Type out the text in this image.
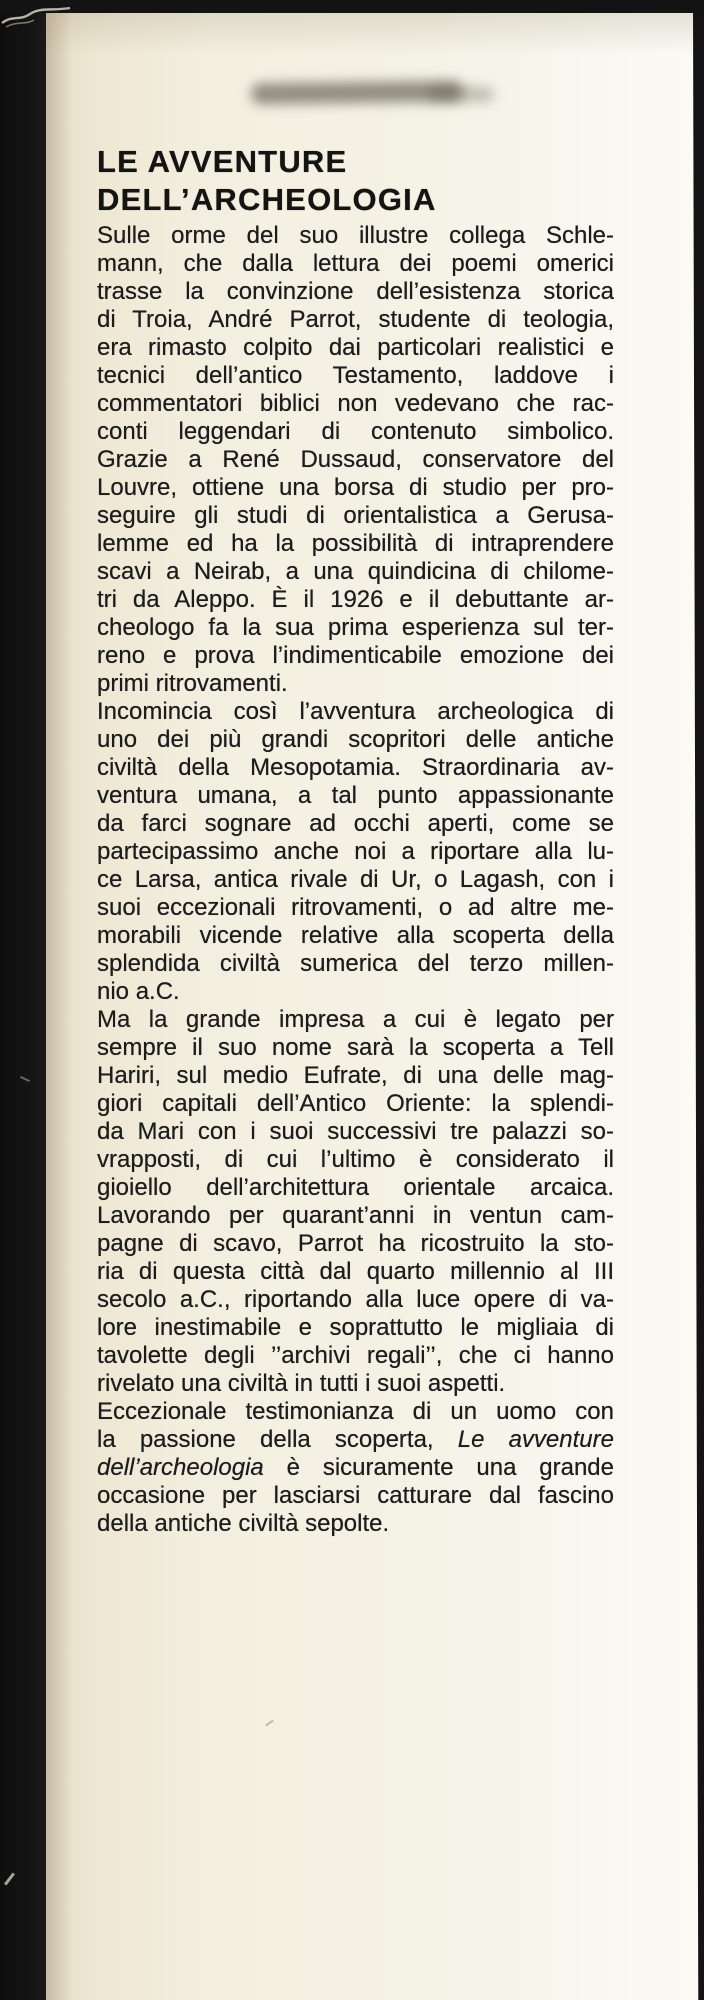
LE AVVENTURE
DELL’ARCHEOLOGIA
Sulle orme del suo illustre collega Schle-
mann, che dalla lettura dei poemi omerici
trasse la convinzione dell’esistenza storica
di Troia, André Parrot, studente di teologia,
era rimasto colpito dai particolari realistici e
tecnici dell’antico Testamento, laddove i
commentatori biblici non vedevano che rac-
conti leggendari di contenuto simbolico.
Grazie a René Dussaud, conservatore del
Louvre, ottiene una borsa di studio per pro-
seguire gli studi di orientalistica a Gerusa-
lemme ed ha la possibilità di intraprendere
scavi a Neirab, a una quindicina di chilome-
tri da Aleppo. È il 1926 e il debuttante ar-
cheologo fa la sua prima esperienza sul ter-
reno e prova l’indimenticabile emozione dei
primi ritrovamenti.
Incomincia così l’avventura archeologica di
uno dei più grandi scopritori delle antiche
civiltà della Mesopotamia. Straordinaria av-
ventura umana, a tal punto appassionante
da farci sognare ad occhi aperti, come se
partecipassimo anche noi a riportare alla lu-
ce Larsa, antica rivale di Ur, o Lagash, con i
suoi eccezionali ritrovamenti, o ad altre me-
morabili vicende relative alla scoperta della
splendida civiltà sumerica del terzo millen-
nio a.C.
Ma la grande impresa a cui è legato per
sempre il suo nome sarà la scoperta a Tell
Hariri, sul medio Eufrate, di una delle mag-
giori capitali dell’Antico Oriente: la splendi-
da Mari con i suoi successivi tre palazzi so-
vrapposti, di cui l’ultimo è considerato il
gioiello dell’architettura orientale arcaica.
Lavorando per quarant’anni in ventun cam-
pagne di scavo, Parrot ha ricostruito la sto-
ria di questa città dal quarto millennio al III
secolo a.C., riportando alla luce opere di va-
lore inestimabile e soprattutto le migliaia di
tavolette degli ’’archivi regali’’, che ci hanno
rivelato una civiltà in tutti i suoi aspetti.
Eccezionale testimonianza di un uomo con
la passione della scoperta, Le avventure
dell’archeologia è sicuramente una grande
occasione per lasciarsi catturare dal fascino
della antiche civiltà sepolte.
